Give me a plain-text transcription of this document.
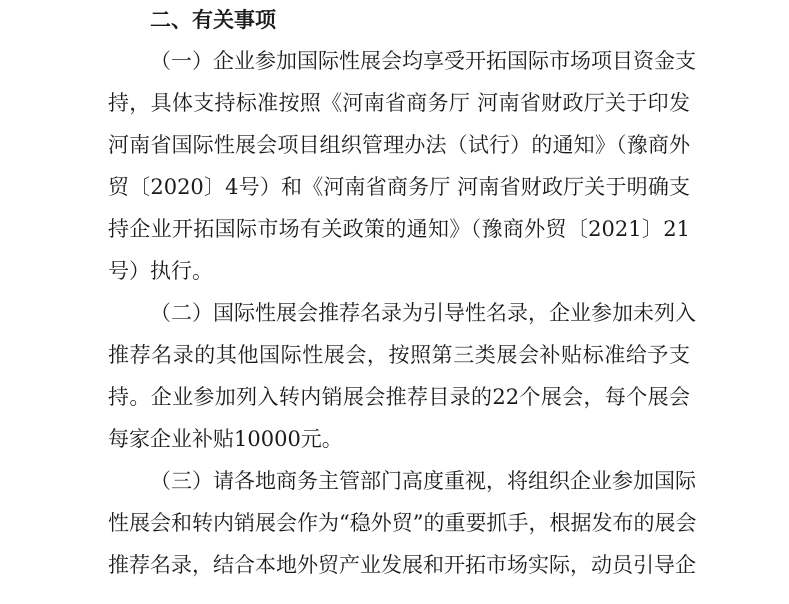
二、有关事项
（一）企业参加国际性展会均享受开拓国际市场项目资金支
持，具体支持标准按照《河南省商务厅 河南省财政厅关于印发
河南省国际性展会项目组织管理办法（试行）的通知》（豫商外
贸〔2020〕4号）和《河南省商务厅 河南省财政厅关于明确支
持企业开拓国际市场有关政策的通知》（豫商外贸〔2021〕21
号）执行。
（二）国际性展会推荐名录为引导性名录，企业参加未列入
推荐名录的其他国际性展会，按照第三类展会补贴标准给予支
持。企业参加列入转内销展会推荐目录的22个展会，每个展会
每家企业补贴10000元。
（三）请各地商务主管部门高度重视，将组织企业参加国际
性展会和转内销展会作为“稳外贸”的重要抓手，根据发布的展会
推荐名录，结合本地外贸产业发展和开拓市场实际，动员引导企
